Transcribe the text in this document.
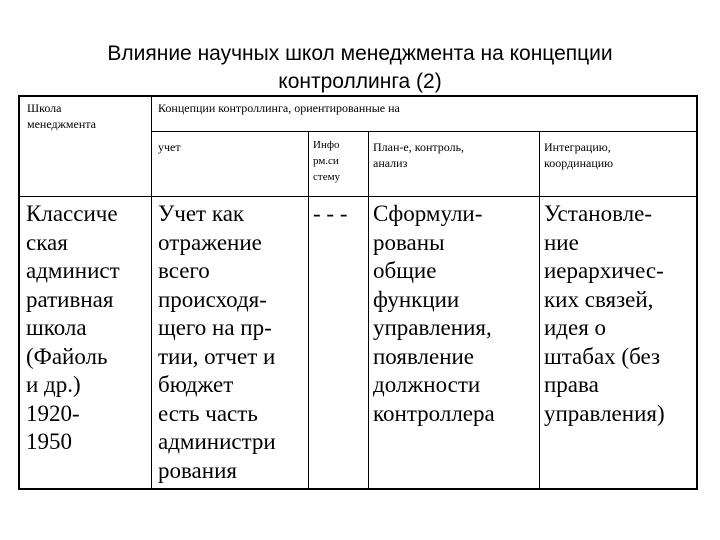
Влияние научных школ менеджмента на концепции
контроллинга (2)
Школа
менеджмента
Концепции контроллинга, ориентированные на
учет	Инфо
рм.си
стему
План-е, контроль,
анализ
Интеграцию,
координацию
Классиче
ская
админист
ративная
школа
(Файоль
и др.)
1920-
1950
Учет как
отражение
всего
происходя-
щего на пр-
тии, отчет и
бюджет
есть часть
администри
рования
- - -	Сформули-
рованы
общие
функции
управления,
появление
должности
контроллера
Установле-
ние
иерархичес-
ких связей,
идея о
штабах (без
права
управления)
